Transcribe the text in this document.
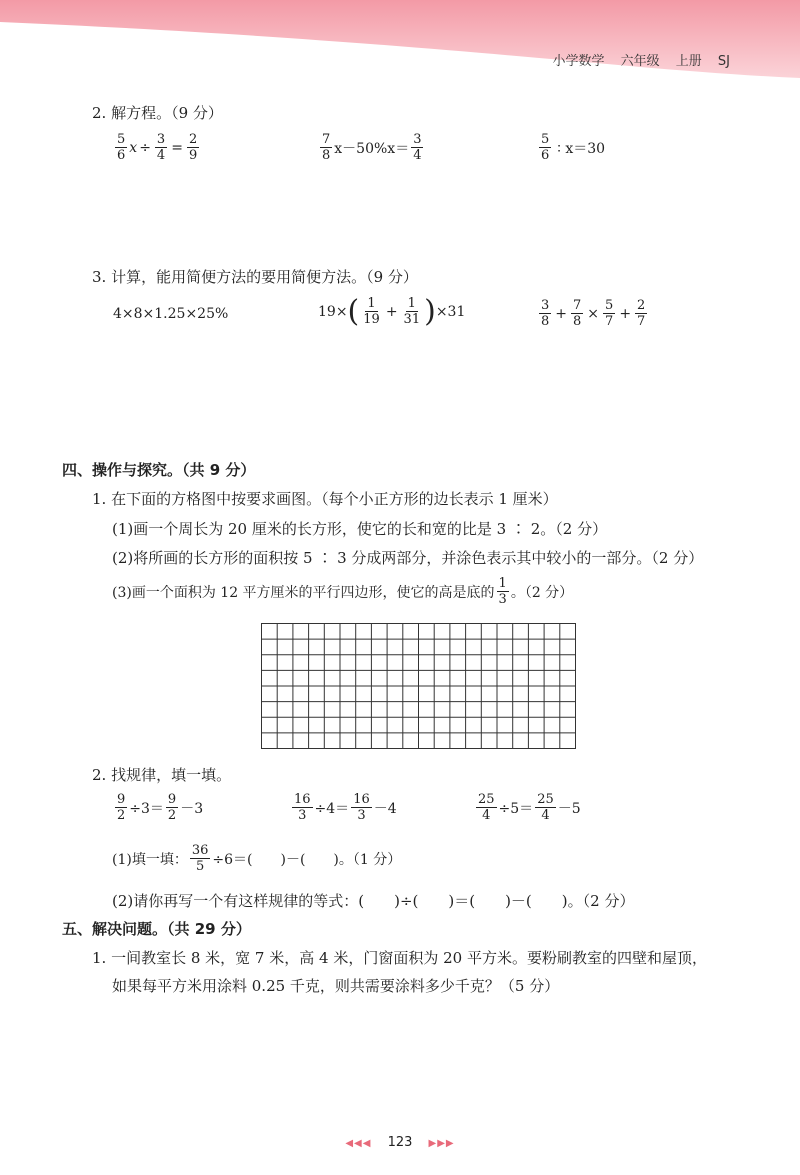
小学数学 六年级 上册 SJ
2. 解方程。（9 分）
$\frac{5}{6}$ $x \div \frac{3}{4} = \frac{2}{9}$	$\frac{7}{8} x-50\%x= \frac{3}{4}$	$\frac{5}{6}$ ∶ x＝30
3. 计算，能用简便方法的要用简便方法。（9 分）
4×8×1.25×25%	19× ( $\frac{1}{19} + \frac{1}{31}$ ) ×31	$\frac{3}{8} + \frac{7}{8} \times \frac{5}{7} + \frac{2}{7}$
四、操作与探究。（共 9 分）
1. 在下面的方格图中按要求画图。（每个小正方形的边长表示 1 厘米）
(1)画一个周长为 20 厘米的长方形，使它的长和宽的比是 3 ∶ 2。（2 分）
(2)将所画的长方形的面积按 5 ∶ 3 分成两部分，并涂色表示其中较小的一部分。（2 分）
(3)画一个面积为 12 平方厘米的平行四边形，使它的高是底的 $\frac{1}{3}$ 。（2 分）
2. 找规律，填一填。
$\frac{9}{2} \div 3= \frac{9}{2} -3$	$\frac{16}{3} \div 4= \frac{16}{3} -4$	$\frac{25}{4} \div 5= \frac{25}{4} -5$
(1)填一填： $\frac{36}{5} \div 6=$(　　)－(　　)。（1 分）
(2)请你再写一个有这样规律的等式：(　　)÷(　　)＝(　　)－(　　)。（2 分）
五、解决问题。（共 29 分）
1. 一间教室长 8 米，宽 7 米，高 4 米，门窗面积为 20 平方米。要粉刷教室的四壁和屋顶，
如果每平方米用涂料 0.25 千克，则共需要涂料多少千克？（5 分）
◀◀◀ 123 ▶▶▶
